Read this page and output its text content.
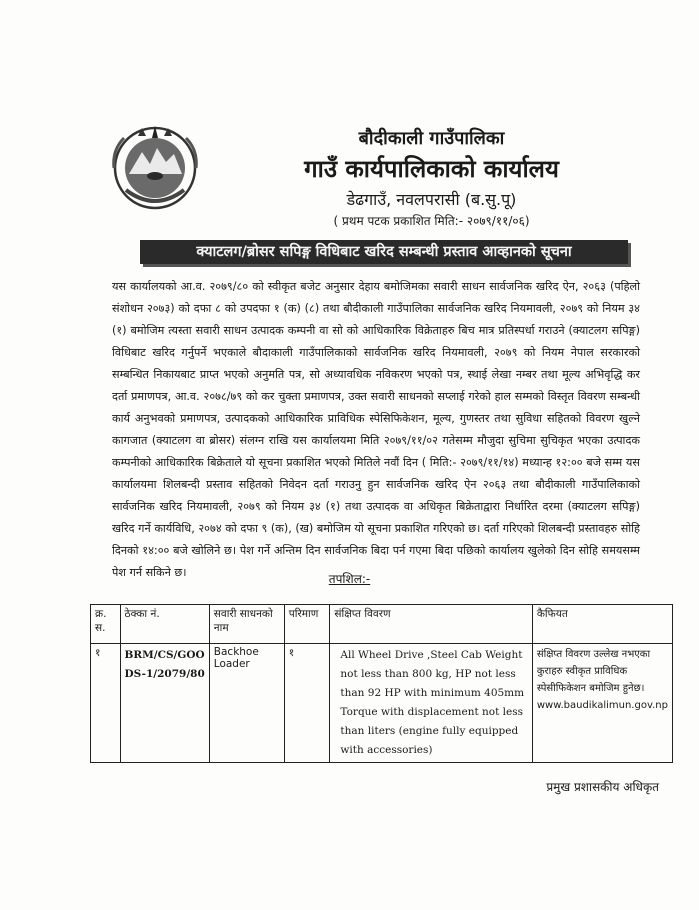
बौदीकाली गाउँपालिका
गाउँ कार्यपालिकाको कार्यालय
डेढगाउँ, नवलपरासी (ब.सु.पू)
( प्रथम पटक प्रकाशित मिति:- २०७९/११/०६)
क्याटलग/ब्रोसर सपिङ्ग विधिबाट खरिद सम्बन्धी प्रस्ताव आव्हानको सूचना
यस कार्यालयको आ.व. २०७९/८० को स्वीकृत बजेट अनुसार देहाय बमोजिमका सवारी साधन सार्वजनिक खरिद ऐन, २०६३ (पहिलो संशोधन २०७३) को दफा ८ को उपदफा १ (क) (८) तथा बौदीकाली गाउँपालिका सार्वजनिक खरिद नियमावली, २०७९ को नियम ३४ (१) बमोजिम त्यस्ता सवारी साधन उत्पादक कम्पनी वा सो को आधिकारिक विक्रेताहरु बिच मात्र प्रतिस्पर्धा गराउने (क्याटलग सपिङ्ग) विधिबाट खरिद गर्नुपर्ने भएकाले बौदाकाली गाउँपालिकाको सार्वजनिक खरिद नियमावली, २०७९ को नियम नेपाल सरकारको सम्बन्धित निकायबाट प्राप्त भएको अनुमति पत्र, सो अध्यावधिक नविकरण भएको पत्र, स्थाई लेखा नम्बर तथा मूल्य अभिवृद्धि कर दर्ता प्रमाणपत्र, आ.व. २०७८/७९ को कर चुक्ता प्रमाणपत्र, उक्त सवारी साधनको सप्लाई गरेको हाल सम्मको विस्तृत विवरण सम्बन्धी कार्य अनुभवको प्रमाणपत्र, उत्पादकको आधिकारिक प्राविधिक स्पेसिफिकेशन, मूल्य, गुणस्तर तथा सुविधा सहितको विवरण खुल्ने कागजात (क्याटलग वा ब्रोसर) संलग्न राखि यस कार्यालयमा मिति २०७९/११/०२ गतेसम्म मौजुदा सुचिमा सुचिकृत भएका उत्पादक कम्पनीको आधिकारिक बिक्रेताले यो सूचना प्रकाशित भएको मितिले नवौं दिन ( मिति:- २०७९/११/१४) मध्यान्ह १२:०० बजे सम्म यस कार्यालयमा शिलबन्दी प्रस्ताव सहितको निवेदन दर्ता गराउनु हुन सार्वजनिक खरिद ऐन २०६३ तथा बौदीकाली गाउँपालिकाको सार्वजनिक खरिद नियमावली, २०७९ को नियम ३४ (१) तथा उत्पादक वा अधिकृत बिक्रेताद्वारा निर्धारित दरमा (क्याटलग सपिङ्ग) खरिद गर्ने कार्यविधि, २०७४ को दफा ९ (क), (ख) बमोजिम यो सूचना प्रकाशित गरिएको छ। दर्ता गरिएको शिलबन्दी प्रस्तावहरु सोहि दिनको १४:०० बजे खोलिने छ। पेश गर्ने अन्तिम दिन सार्वजनिक बिदा पर्न गएमा बिदा पछिको कार्यालय खुलेको दिन सोहि समयसम्म पेश गर्न सकिने छ।	तपशिल:-
क्र. स.	ठेक्का नं.	सवारी साधनको नाम	परिमाण	संक्षिप्त विवरण	कैफियत
१	BRM/CS/GOODS-1/2079/80	Backhoe Loader	१	All Wheel Drive ,Steel Cab Weight not less than 800 kg, HP not less than 92 HP with minimum 405mm Torque with displacement not less than liters (engine fully equipped with accessories)	संक्षिप्त विवरण उल्लेख नभएका कुराहरु स्वीकृत प्राविधिक स्पेसीफिकेशन बमोजिम हुनेछ। www.baudikalimun.gov.np
प्रमुख प्रशासकीय अधिकृत
